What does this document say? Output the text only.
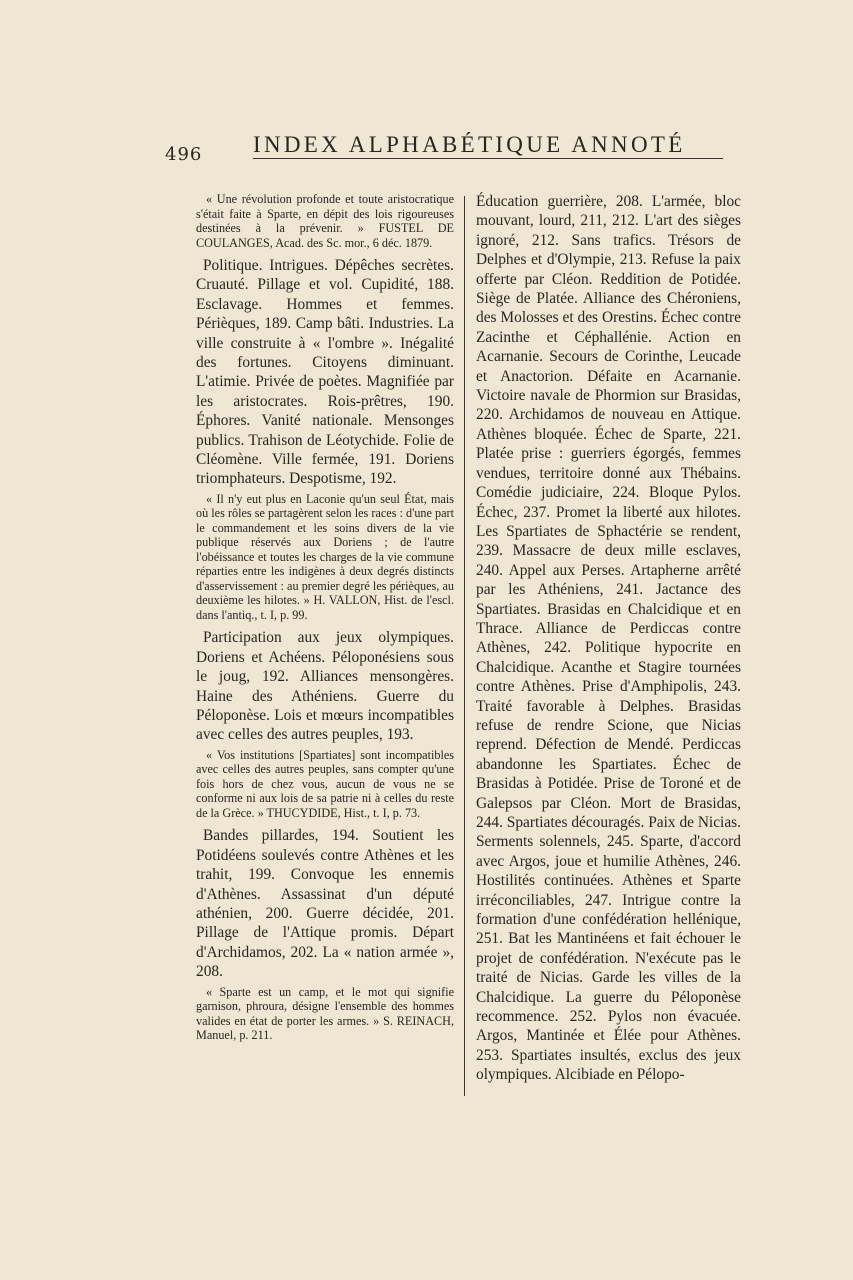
496 INDEX ALPHABÉTIQUE ANNOTÉ

« Une révolution profonde et toute aristocratique s'était faite à Sparte, en dépit des lois rigoureuses destinées à la prévenir. » FUSTEL DE COULANGES, Acad. des Sc. mor., 6 déc. 1879.

Politique. Intrigues. Dépêches secrètes. Cruauté. Pillage et vol. Cupidité, 188. Esclavage. Hommes et femmes. Périèques, 189. Camp bâti. Industries. La ville construite à « l'ombre ». Inégalité des fortunes. Citoyens diminuant. L'atimie. Privée de poètes. Magnifiée par les aristocrates. Rois-prêtres, 190. Éphores. Vanité nationale. Mensonges publics. Trahison de Léotychide. Folie de Cléomène. Ville fermée, 191. Doriens triomphateurs. Despotisme, 192.

« Il n'y eut plus en Laconie qu'un seul État, mais où les rôles se partagèrent selon les races : d'une part le commandement et les soins divers de la vie publique réservés aux Doriens ; de l'autre l'obéissance et toutes les charges de la vie commune réparties entre les indigènes à deux degrés distincts d'asservissement : au premier degré les périèques, au deuxième les hilotes. » H. VALLON, Hist. de l'escl. dans l'antiq., t. I, p. 99.

Participation aux jeux olympiques. Doriens et Achéens. Péloponésiens sous le joug, 192. Alliances mensongères. Haine des Athéniens. Guerre du Péloponèse. Lois et mœurs incompatibles avec celles des autres peuples, 193.

« Vos institutions [Spartiates] sont incompatibles avec celles des autres peuples, sans compter qu'une fois hors de chez vous, aucun de vous ne se conforme ni aux lois de sa patrie ni à celles du reste de la Grèce. » THUCYDIDE, Hist., t. I, p. 73.

Bandes pillardes, 194. Soutient les Potidéens soulevés contre Athènes et les trahit, 199. Convoque les ennemis d'Athènes. Assassinat d'un député athénien, 200. Guerre décidée, 201. Pillage de l'Attique promis. Départ d'Archidamos, 202. La « nation armée », 208.

« Sparte est un camp, et le mot qui signifie garnison, phroura, désigne l'ensemble des hommes valides en état de porter les armes. » S. REINACH, Manuel, p. 211.

Éducation guerrière, 208. L'armée, bloc mouvant, lourd, 211, 212. L'art des sièges ignoré, 212. Sans trafics. Trésors de Delphes et d'Olympie, 213. Refuse la paix offerte par Cléon. Reddition de Potidée. Siège de Platée. Alliance des Chéroniens, des Molosses et des Orestins. Échec contre Zacinthe et Céphallénie. Action en Acarnanie. Secours de Corinthe, Leucade et Anactorion. Défaite en Acarnanie. Victoire navale de Phormion sur Brasidas, 220. Archidamos de nouveau en Attique. Athènes bloquée. Échec de Sparte, 221. Platée prise : guerriers égorgés, femmes vendues, territoire donné aux Thébains. Comédie judiciaire, 224. Bloque Pylos. Échec, 237. Promet la liberté aux hilotes. Les Spartiates de Sphactérie se rendent, 239. Massacre de deux mille esclaves, 240. Appel aux Perses. Artapherne arrêté par les Athéniens, 241. Jactance des Spartiates. Brasidas en Chalcidique et en Thrace. Alliance de Perdiccas contre Athènes, 242. Politique hypocrite en Chalcidique. Acanthe et Stagire tournées contre Athènes. Prise d'Amphipolis, 243. Traité favorable à Delphes. Brasidas refuse de rendre Scione, que Nicias reprend. Défection de Mendé. Perdiccas abandonne les Spartiates. Échec de Brasidas à Potidée. Prise de Toroné et de Galepsos par Cléon. Mort de Brasidas, 244. Spartiates découragés. Paix de Nicias. Serments solennels, 245. Sparte, d'accord avec Argos, joue et humilie Athènes, 246. Hostilités continuées. Athènes et Sparte irréconciliables, 247. Intrigue contre la formation d'une confédération hellénique, 251. Bat les Mantinéens et fait échouer le projet de confédération. N'exécute pas le traité de Nicias. Garde les villes de la Chalcidique. La guerre du Péloponèse recommence. 252. Pylos non évacuée. Argos, Mantinée et Élée pour Athènes. 253. Spartiates insultés, exclus des jeux olympiques. Alcibiade en Pélopo-
